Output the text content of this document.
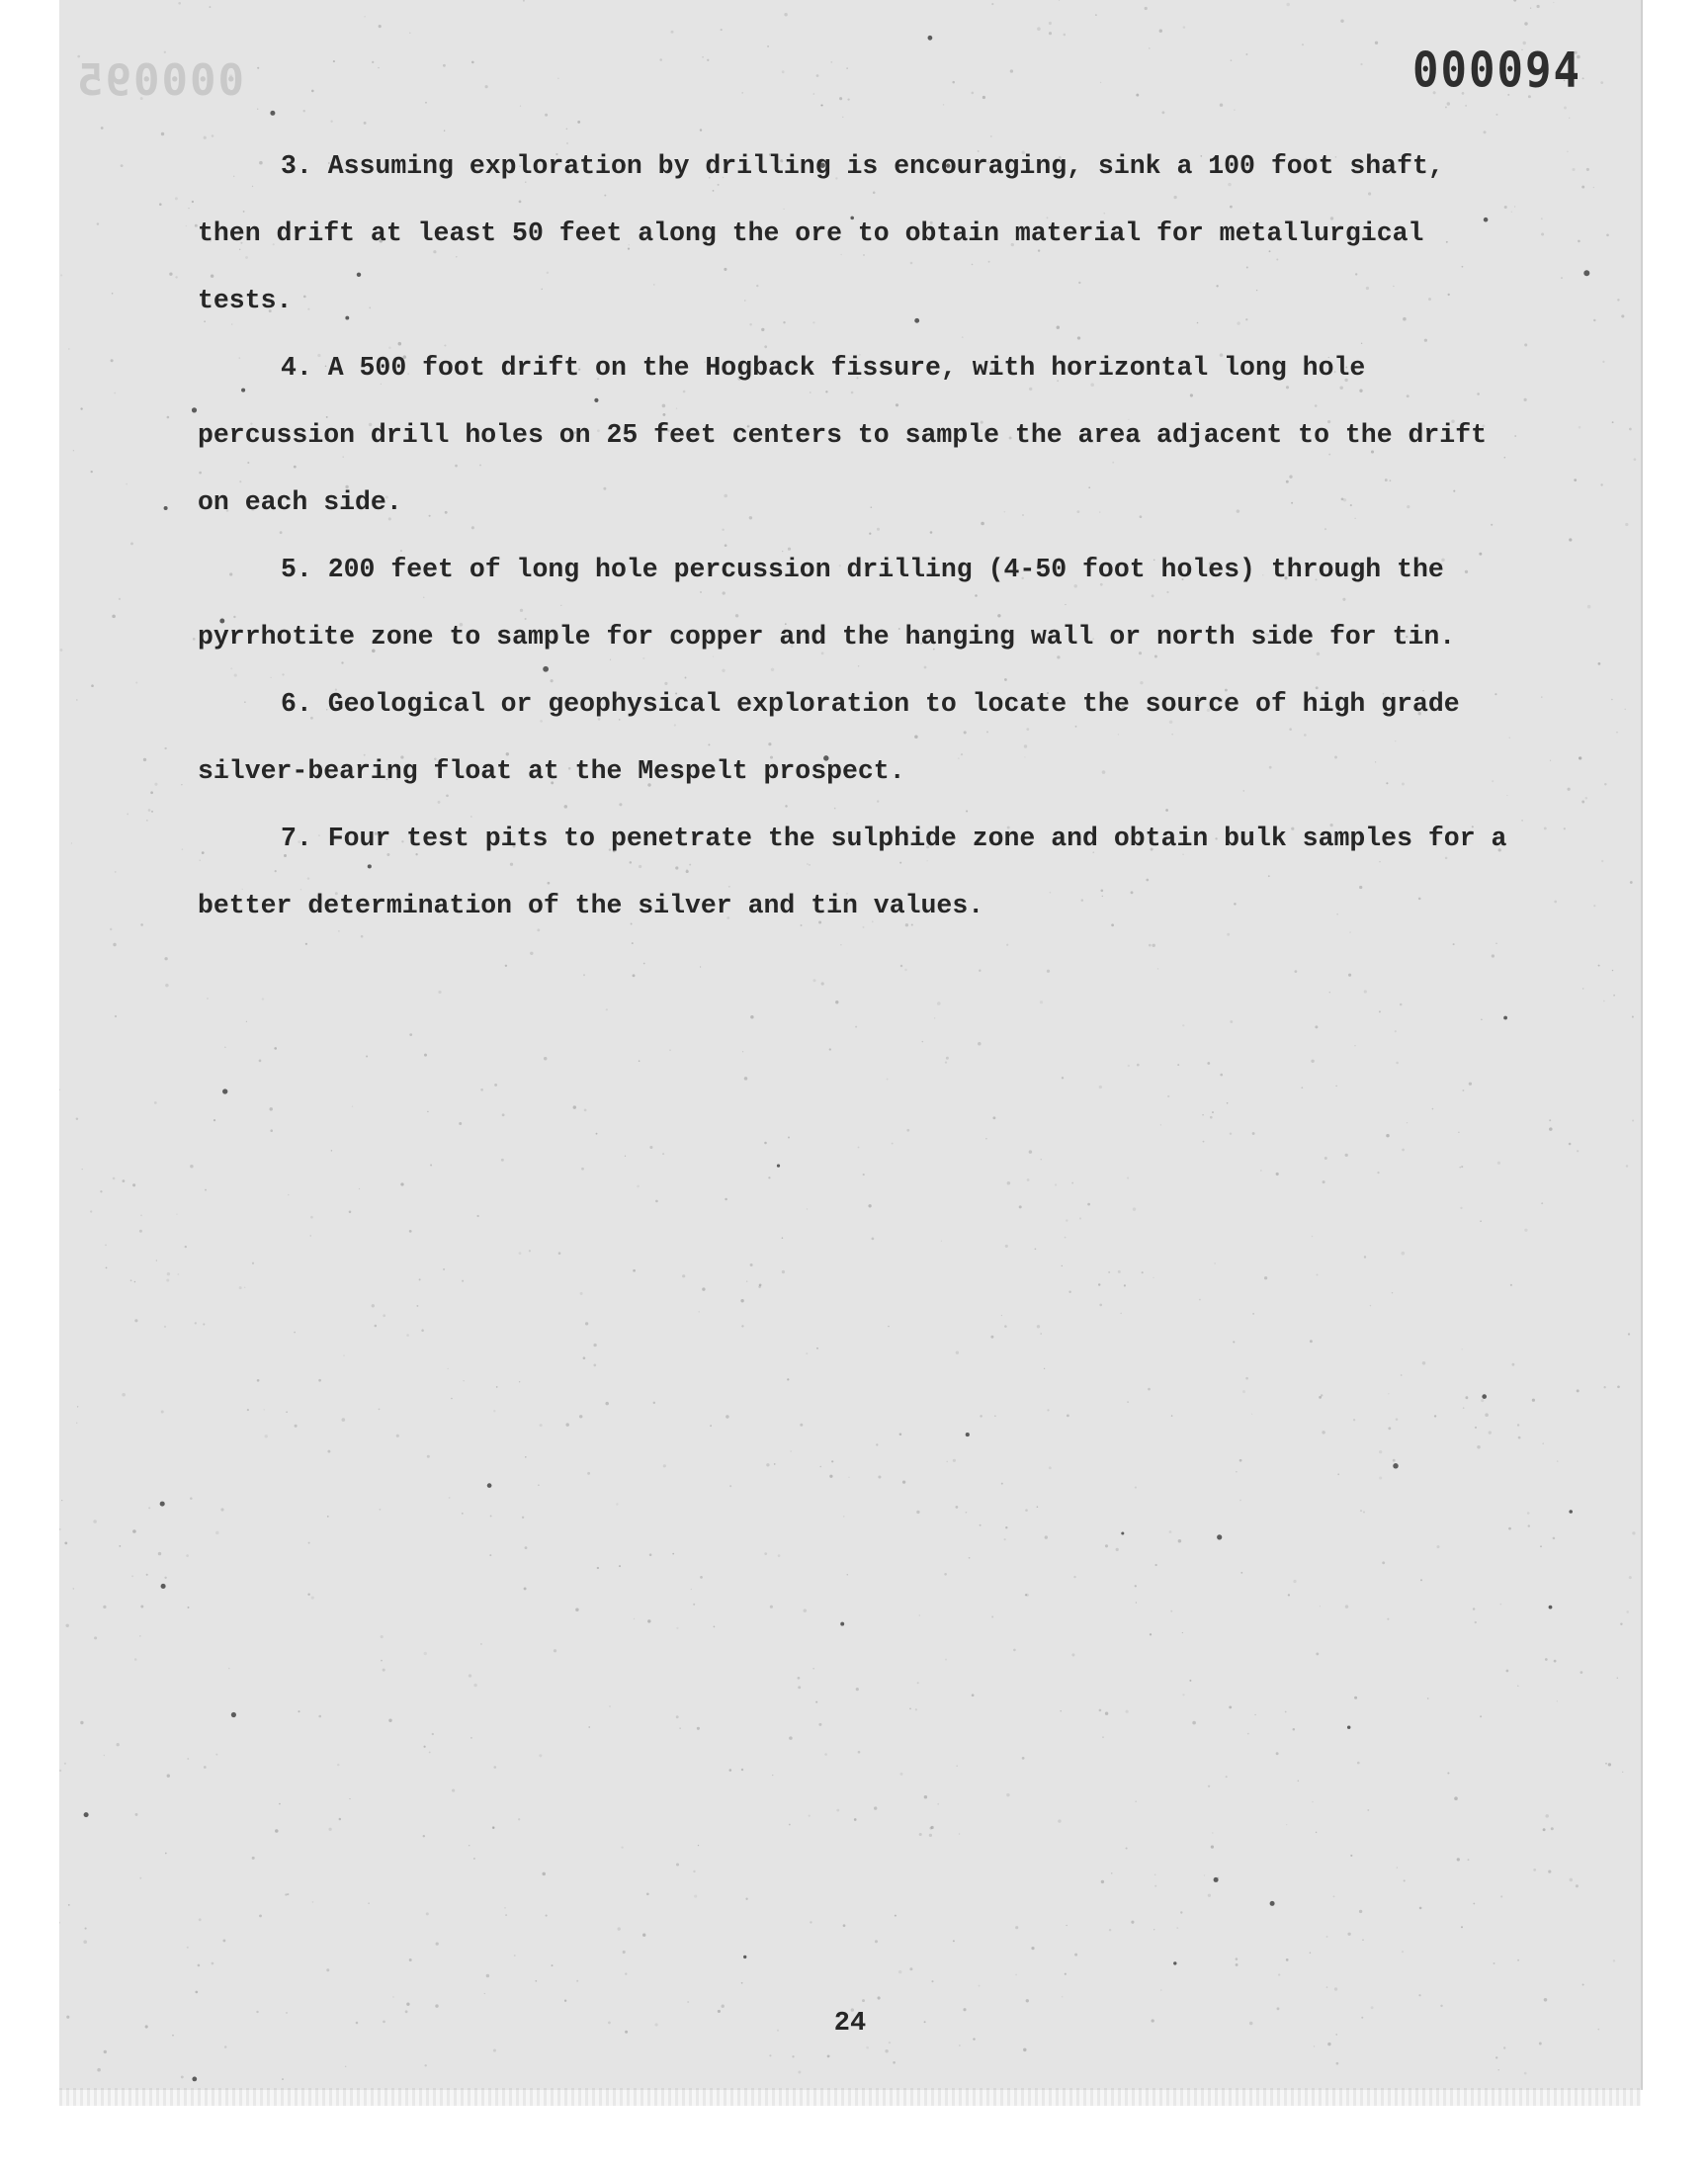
000095	000094

3. Assuming exploration by drilling is encouraging, sink a 100 foot shaft, then drift at least 50 feet along the ore to obtain material for metallurgical tests.

4. A 500 foot drift on the Hogback fissure, with horizontal long hole percussion drill holes on 25 feet centers to sample the area adjacent to the drift on each side.

5. 200 feet of long hole percussion drilling (4-50 foot holes) through the pyrrhotite zone to sample for copper and the hanging wall or north side for tin.

6. Geological or geophysical exploration to locate the source of high grade silver-bearing float at the Mespelt prospect.

7. Four test pits to penetrate the sulphide zone and obtain bulk samples for a better determination of the silver and tin values.

24
